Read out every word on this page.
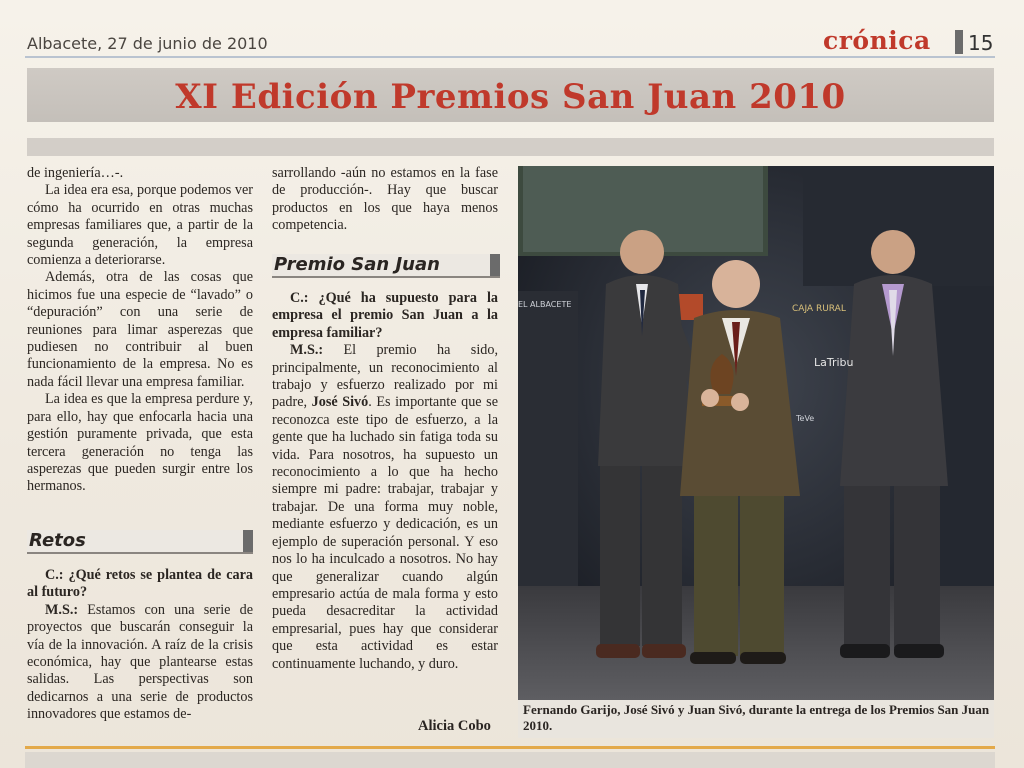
Albacete, 27 de junio de 2010	crónica 15
XI Edición Premios San Juan 2010

de ingeniería…-.

La idea era esa, porque podemos ver cómo ha ocurrido en otras muchas empresas familiares que, a partir de la segunda generación, la empresa comienza a deteriorarse.

Además, otra de las cosas que hicimos fue una especie de “lavado” o “depuración” con una serie de reuniones para limar asperezas que pudiesen no contribuir al buen funcionamiento de la empresa. No es nada fácil llevar una empresa familiar.

La idea es que la empresa perdure y, para ello, hay que enfocarla hacia una gestión puramente privada, que esta tercera generación no tenga las asperezas que pueden surgir entre los hermanos.

Retos

C.: ¿Qué retos se plantea de cara al futuro?

M.S.: Estamos con una serie de proyectos que buscarán conseguir la vía de la innovación. A raíz de la crisis económica, hay que plantearse estas salidas. Las perspectivas son dedicarnos a una serie de productos innovadores que estamos de-

sarrollando -aún no estamos en la fase de producción-. Hay que buscar productos en los que haya menos competencia.

Premio San Juan

C.: ¿Qué ha supuesto para la empresa el premio San Juan a la empresa familiar?

M.S.: El premio ha sido, principalmente, un reconocimiento al trabajo y esfuerzo realizado por mi padre, José Sivó. Es importante que se reconozca este tipo de esfuerzo, a la gente que ha luchado sin fatiga toda su vida. Para nosotros, ha supuesto un reconocimiento a lo que ha hecho siempre mi padre: trabajar, trabajar y trabajar. De una forma muy noble, mediante esfuerzo y dedicación, es un ejemplo de superación personal. Y eso nos lo ha inculcado a nosotros. No hay que generalizar cuando algún empresario actúa de mala forma y esto pueda desacreditar la actividad empresarial, pues hay que considerar que esta actividad es estar continuamente luchando, y duro.

Alicia Cobo
EL ALBACETE	CAJA RURAL
LaTribu
TeVe
Fernando Garijo, José Sivó y Juan Sivó, durante la entrega de los Premios San Juan 2010.
